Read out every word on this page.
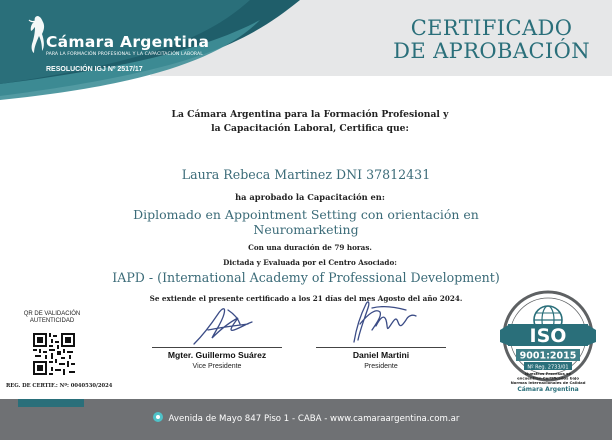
Cámara Argentina
PARA LA FORMACIÓN PROFESIONAL Y LA CAPACITACIÓN LABORAL
RESOLUCIÓN IGJ Nº 2517/17
CERTIFICADO
DE APROBACIÓN
La Cámara Argentina para la Formación Profesional y
la Capacitación Laboral, Certifica que:
Laura Rebeca Martinez DNI 37812431
ha aprobado la Capacitación en:
Diplomado en Appointment Setting con orientación en
Neuromarketing
Con una duración de 79 horas.
Dictada y Evaluada por el Centro Asociado:
IAPD - (International Academy of Professional Development)
Se extiende el presente certificado a los 21 días del mes Agosto del año 2024.
QR DE VALIDACIÓN
AUTENTICIDAD
REG. DE CERTIF.: Nº: 0040530/2024
Mgter. Guillermo Suárez
Vice Presidente
Daniel Martini
Presidente
ISO
9001:2015
Nº Reg. 2733/01
Nuestros Procesos se
encuentran Certificados bajo
Normas Internacionales de Calidad
Cámara Argentina
Avenida de Mayo 847 Piso 1 - CABA - www.camaraargentina.com.ar
